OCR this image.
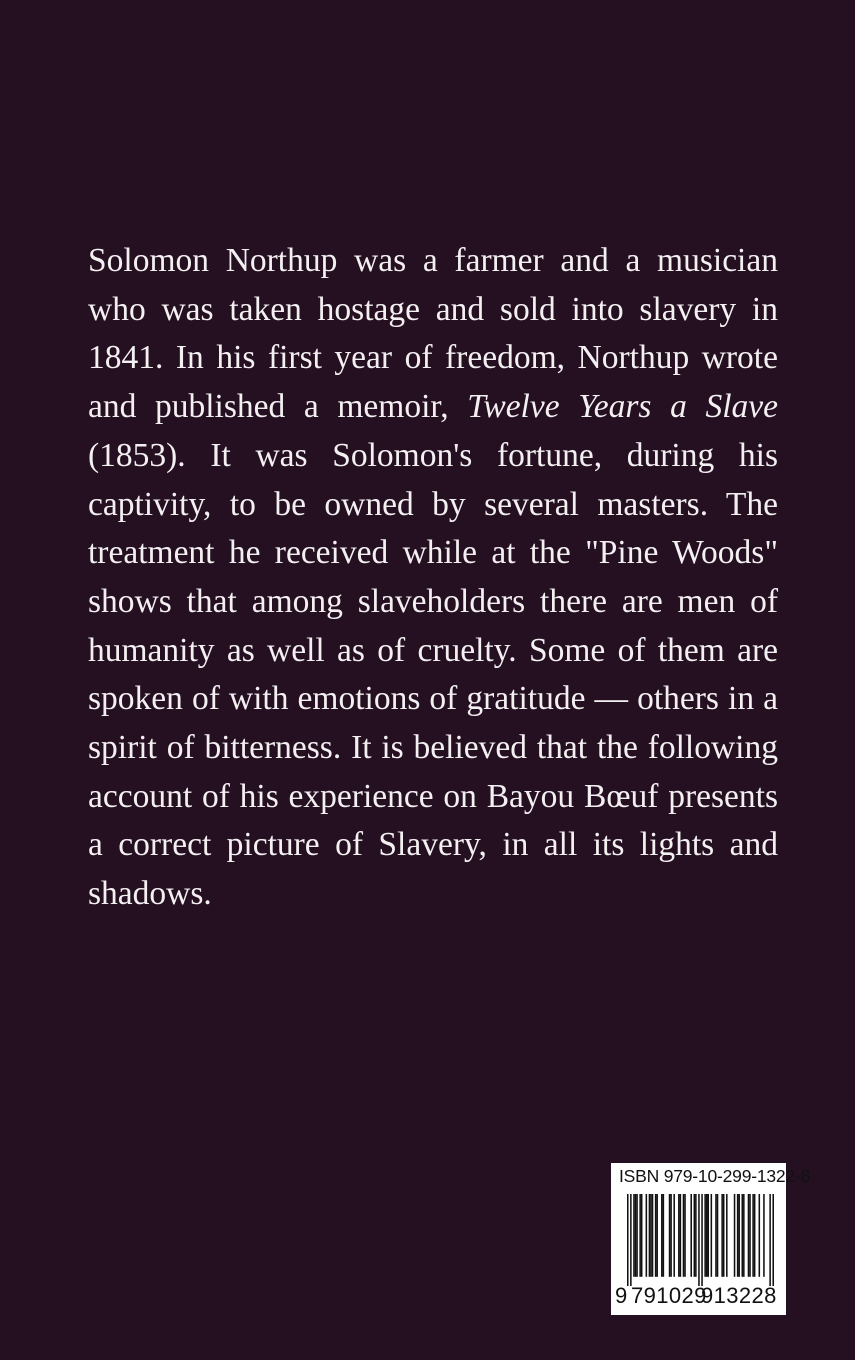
Solomon Northup was a farmer and a musician who was taken hostage and sold into slavery in 1841. In his first year of freedom, Northup wrote and published a memoir, Twelve Years a Slave (1853). It was Solomon's fortune, during his captivity, to be owned by several masters. The treatment he received while at the "Pine Woods" shows that among slaveholders there are men of humanity as well as of cruelty. Some of them are spoken of with emotions of gratitude — others in a spirit of bitterness. It is believed that the following account of his experience on Bayou Bœuf presents a correct picture of Slavery, in all its lights and shadows.

ISBN 979-10-299-1322-8
9 791029
913228
